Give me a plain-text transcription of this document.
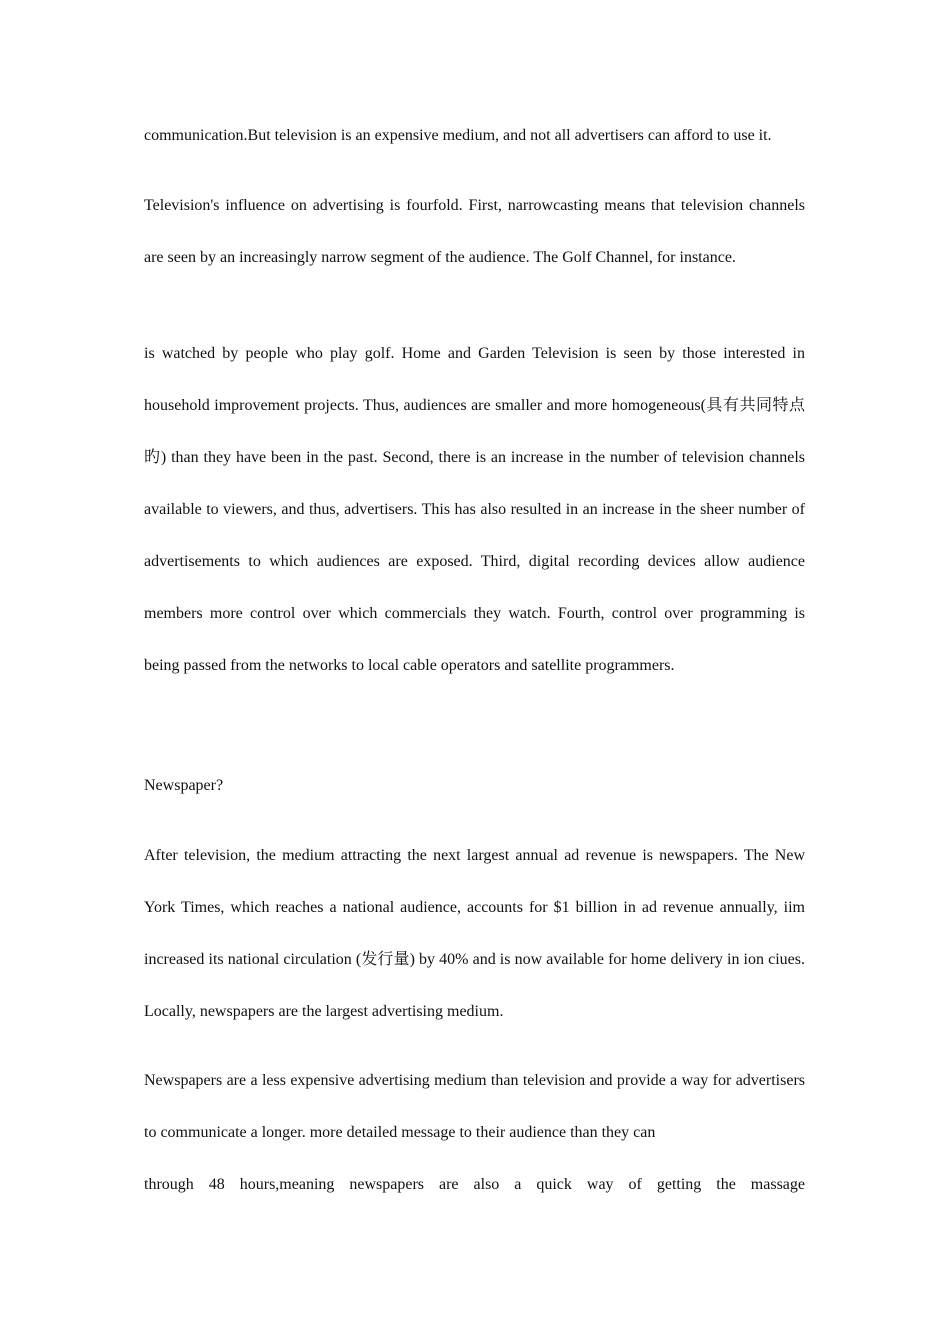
communication.But television is an expensive medium, and not all advertisers can afford to use it.

Television's influence on advertising is fourfold. First, narrowcasting means that television channels are seen by an increasingly narrow segment of the audience. The Golf Channel, for instance.

is watched by people who play golf. Home and Garden Television is seen by those interested in household improvement projects. Thus, audiences are smaller and more homogeneous(具有共同特点旳) than they have been in the past. Second, there is an increase in the number of television channels available to viewers, and thus, advertisers. This has also resulted in an increase in the sheer number of advertisements to which audiences are exposed. Third, digital recording devices allow audience members more control over which commercials they watch. Fourth, control over programming is being passed from the networks to local cable operators and satellite programmers.

Newspaper?

After television, the medium attracting the next largest annual ad revenue is newspapers. The New York Times, which reaches a national audience, accounts for $1 billion in ad revenue annually, iim increased its national circulation (发行量) by 40% and is now available for home delivery in ion ciues. Locally, newspapers are the largest advertising medium.

Newspapers are a less expensive advertising medium than television and provide a way for advertisers to communicate a longer. more detailed message to their audience than they can

through 48 hours,meaning newspapers are also a quick way of getting the massage
